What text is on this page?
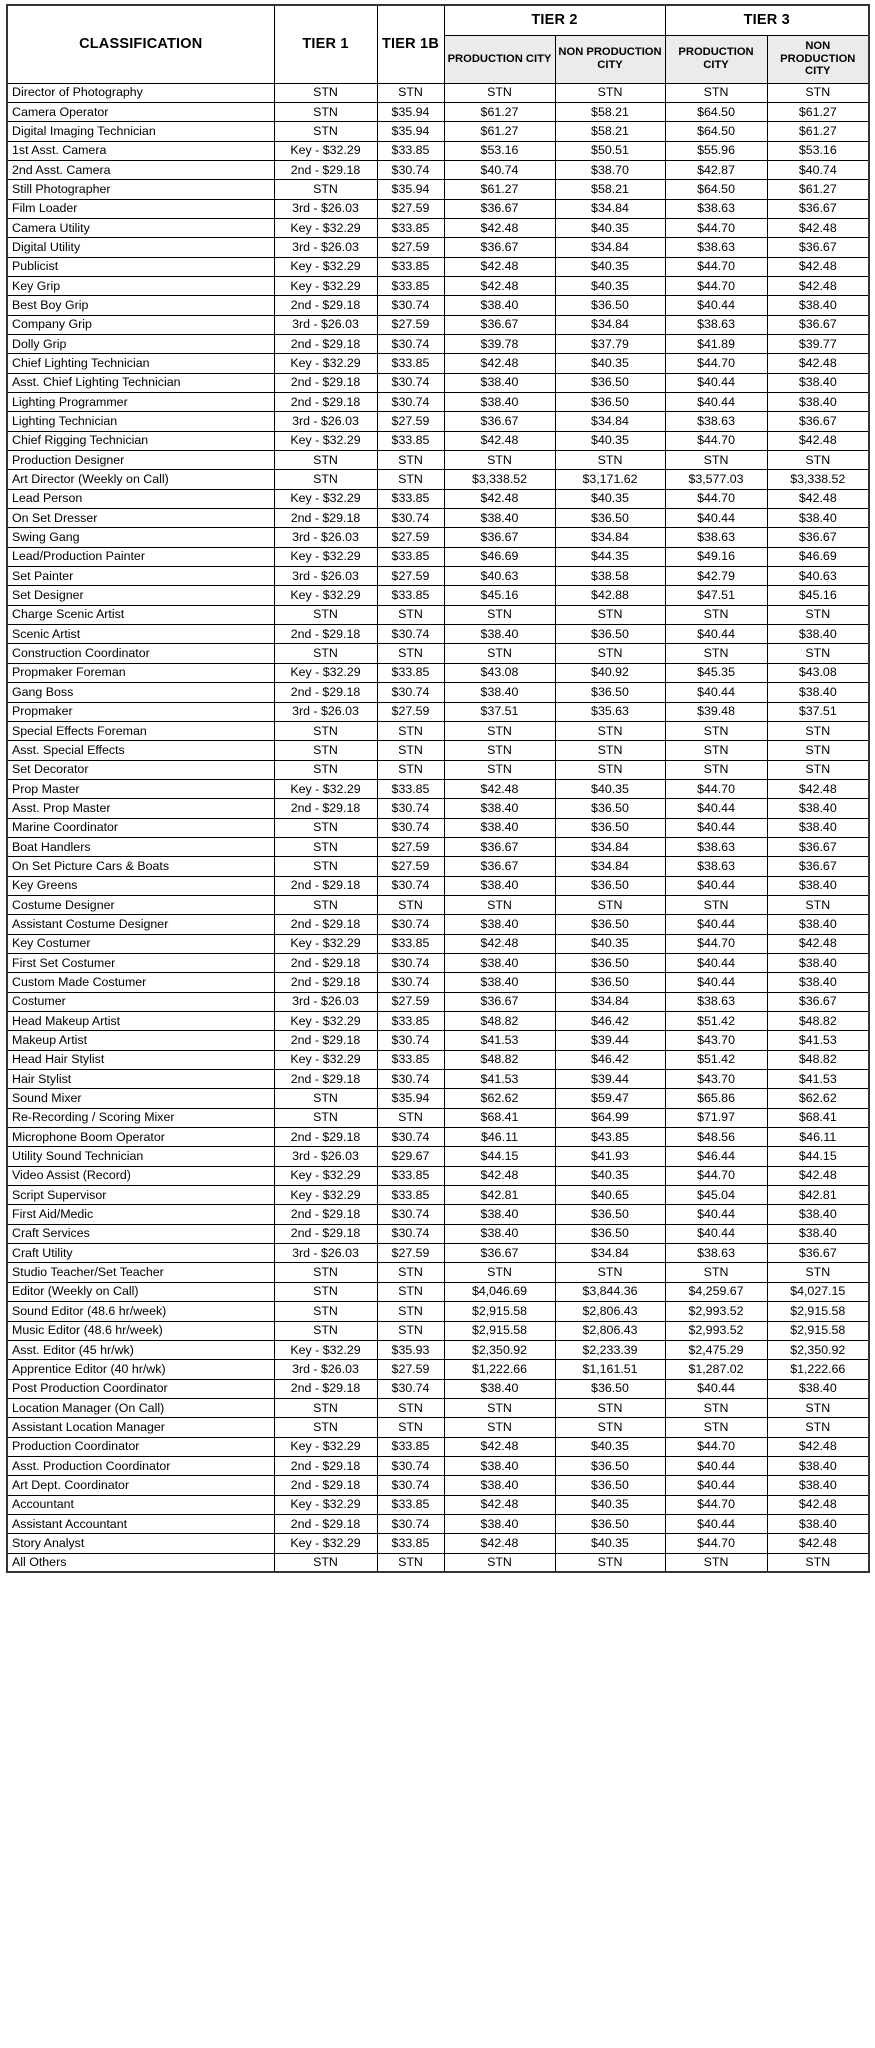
CLASSIFICATION	TIER 1	TIER 1B	TIER 2		TIER 3	
			PRODUCTION CITY	NON PRODUCTION CITY	PRODUCTION CITY	NON PRODUCTION CITY
Director of Photography	STN	STN	STN	STN	STN	STN
Camera Operator	STN	$35.94	$61.27	$58.21	$64.50	$61.27
Digital Imaging Technician	STN	$35.94	$61.27	$58.21	$64.50	$61.27
1st Asst. Camera	Key - $32.29	$33.85	$53.16	$50.51	$55.96	$53.16
2nd Asst. Camera	2nd - $29.18	$30.74	$40.74	$38.70	$42.87	$40.74
Still Photographer	STN	$35.94	$61.27	$58.21	$64.50	$61.27
Film Loader	3rd - $26.03	$27.59	$36.67	$34.84	$38.63	$36.67
Camera Utility	Key - $32.29	$33.85	$42.48	$40.35	$44.70	$42.48
Digital Utility	3rd - $26.03	$27.59	$36.67	$34.84	$38.63	$36.67
Publicist	Key - $32.29	$33.85	$42.48	$40.35	$44.70	$42.48
Key Grip	Key - $32.29	$33.85	$42.48	$40.35	$44.70	$42.48
Best Boy Grip	2nd - $29.18	$30.74	$38.40	$36.50	$40.44	$38.40
Company Grip	3rd - $26.03	$27.59	$36.67	$34.84	$38.63	$36.67
Dolly Grip	2nd - $29.18	$30.74	$39.78	$37.79	$41.89	$39.77
Chief Lighting Technician	Key - $32.29	$33.85	$42.48	$40.35	$44.70	$42.48
Asst. Chief Lighting Technician	2nd - $29.18	$30.74	$38.40	$36.50	$40.44	$38.40
Lighting Programmer	2nd - $29.18	$30.74	$38.40	$36.50	$40.44	$38.40
Lighting Technician	3rd - $26.03	$27.59	$36.67	$34.84	$38.63	$36.67
Chief Rigging Technician	Key - $32.29	$33.85	$42.48	$40.35	$44.70	$42.48
Production Designer	STN	STN	STN	STN	STN	STN
Art Director (Weekly on Call)	STN	STN	$3,338.52	$3,171.62	$3,577.03	$3,338.52
Lead Person	Key - $32.29	$33.85	$42.48	$40.35	$44.70	$42.48
On Set Dresser	2nd - $29.18	$30.74	$38.40	$36.50	$40.44	$38.40
Swing Gang	3rd - $26.03	$27.59	$36.67	$34.84	$38.63	$36.67
Lead/Production Painter	Key - $32.29	$33.85	$46.69	$44.35	$49.16	$46.69
Set Painter	3rd - $26.03	$27.59	$40.63	$38.58	$42.79	$40.63
Set Designer	Key - $32.29	$33.85	$45.16	$42.88	$47.51	$45.16
Charge Scenic Artist	STN	STN	STN	STN	STN	STN
Scenic Artist	2nd - $29.18	$30.74	$38.40	$36.50	$40.44	$38.40
Construction Coordinator	STN	STN	STN	STN	STN	STN
Propmaker Foreman	Key - $32.29	$33.85	$43.08	$40.92	$45.35	$43.08
Gang Boss	2nd - $29.18	$30.74	$38.40	$36.50	$40.44	$38.40
Propmaker	3rd - $26.03	$27.59	$37.51	$35.63	$39.48	$37.51
Special Effects Foreman	STN	STN	STN	STN	STN	STN
Asst. Special Effects	STN	STN	STN	STN	STN	STN
Set Decorator	STN	STN	STN	STN	STN	STN
Prop Master	Key - $32.29	$33.85	$42.48	$40.35	$44.70	$42.48
Asst. Prop Master	2nd - $29.18	$30.74	$38.40	$36.50	$40.44	$38.40
Marine Coordinator	STN	$30.74	$38.40	$36.50	$40.44	$38.40
Boat Handlers	STN	$27.59	$36.67	$34.84	$38.63	$36.67
On Set Picture Cars & Boats	STN	$27.59	$36.67	$34.84	$38.63	$36.67
Key Greens	2nd - $29.18	$30.74	$38.40	$36.50	$40.44	$38.40
Costume Designer	STN	STN	STN	STN	STN	STN
Assistant Costume Designer	2nd - $29.18	$30.74	$38.40	$36.50	$40.44	$38.40
Key Costumer	Key - $32.29	$33.85	$42.48	$40.35	$44.70	$42.48
First Set Costumer	2nd - $29.18	$30.74	$38.40	$36.50	$40.44	$38.40
Custom Made Costumer	2nd - $29.18	$30.74	$38.40	$36.50	$40.44	$38.40
Costumer	3rd - $26.03	$27.59	$36.67	$34.84	$38.63	$36.67
Head Makeup Artist	Key - $32.29	$33.85	$48.82	$46.42	$51.42	$48.82
Makeup Artist	2nd - $29.18	$30.74	$41.53	$39.44	$43.70	$41.53
Head Hair Stylist	Key - $32.29	$33.85	$48.82	$46.42	$51.42	$48.82
Hair Stylist	2nd - $29.18	$30.74	$41.53	$39.44	$43.70	$41.53
Sound Mixer	STN	$35.94	$62.62	$59.47	$65.86	$62.62
Re-Recording / Scoring Mixer	STN	STN	$68.41	$64.99	$71.97	$68.41
Microphone Boom Operator	2nd - $29.18	$30.74	$46.11	$43.85	$48.56	$46.11
Utility Sound Technician	3rd - $26.03	$29.67	$44.15	$41.93	$46.44	$44.15
Video Assist (Record)	Key - $32.29	$33.85	$42.48	$40.35	$44.70	$42.48
Script Supervisor	Key - $32.29	$33.85	$42.81	$40.65	$45.04	$42.81
First Aid/Medic	2nd - $29.18	$30.74	$38.40	$36.50	$40.44	$38.40
Craft Services	2nd - $29.18	$30.74	$38.40	$36.50	$40.44	$38.40
Craft Utility	3rd - $26.03	$27.59	$36.67	$34.84	$38.63	$36.67
Studio Teacher/Set Teacher	STN	STN	STN	STN	STN	STN
Editor (Weekly on Call)	STN	STN	$4,046.69	$3,844.36	$4,259.67	$4,027.15
Sound Editor (48.6 hr/week)	STN	STN	$2,915.58	$2,806.43	$2,993.52	$2,915.58
Music Editor (48.6 hr/week)	STN	STN	$2,915.58	$2,806.43	$2,993.52	$2,915.58
Asst. Editor (45 hr/wk)	Key - $32.29	$35.93	$2,350.92	$2,233.39	$2,475.29	$2,350.92
Apprentice Editor (40 hr/wk)	3rd - $26.03	$27.59	$1,222.66	$1,161.51	$1,287.02	$1,222.66
Post Production Coordinator	2nd - $29.18	$30.74	$38.40	$36.50	$40.44	$38.40
Location Manager (On Call)	STN	STN	STN	STN	STN	STN
Assistant Location Manager	STN	STN	STN	STN	STN	STN
Production Coordinator	Key - $32.29	$33.85	$42.48	$40.35	$44.70	$42.48
Asst. Production Coordinator	2nd - $29.18	$30.74	$38.40	$36.50	$40.44	$38.40
Art Dept. Coordinator	2nd - $29.18	$30.74	$38.40	$36.50	$40.44	$38.40
Accountant	Key - $32.29	$33.85	$42.48	$40.35	$44.70	$42.48
Assistant Accountant	2nd - $29.18	$30.74	$38.40	$36.50	$40.44	$38.40
Story Analyst	Key - $32.29	$33.85	$42.48	$40.35	$44.70	$42.48
All Others	STN	STN	STN	STN	STN	STN
